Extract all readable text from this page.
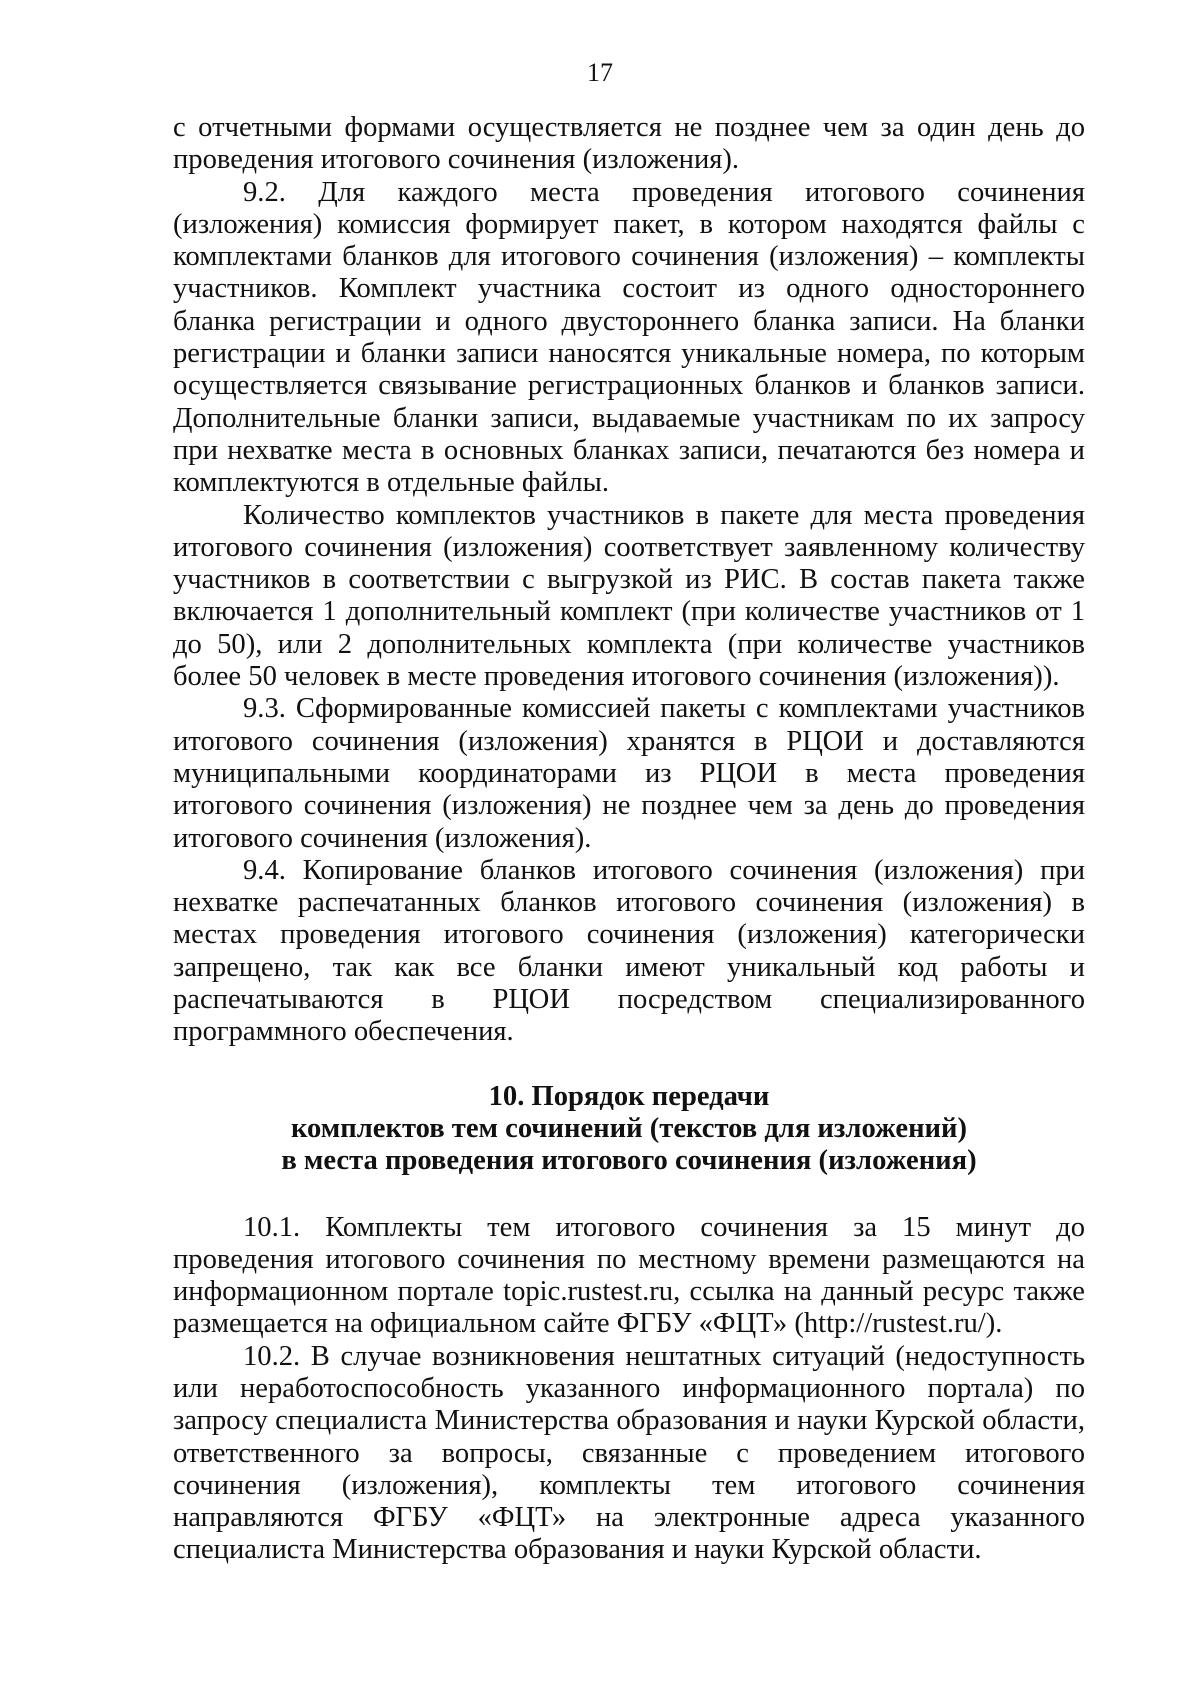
17

с отчетными формами осуществляется не позднее чем за один день до проведения итогового сочинения (изложения).

9.2. Для каждого места проведения итогового сочинения (изложения) комиссия формирует пакет, в котором находятся файлы с комплектами бланков для итогового сочинения (изложения) – комплекты участников. Комплект участника состоит из одного одностороннего бланка регистрации и одного двустороннего бланка записи. На бланки регистрации и бланки записи наносятся уникальные номера, по которым осуществляется связывание регистрационных бланков и бланков записи. Дополнительные бланки записи, выдаваемые участникам по их запросу при нехватке места в основных бланках записи, печатаются без номера и комплектуются в отдельные файлы.

Количество комплектов участников в пакете для места проведения итогового сочинения (изложения) соответствует заявленному количеству участников в соответствии с выгрузкой из РИС. В состав пакета также включается 1 дополнительный комплект (при количестве участников от 1 до 50), или 2 дополнительных комплекта (при количестве участников более 50 человек в месте проведения итогового сочинения (изложения)).

9.3. Сформированные комиссией пакеты с комплектами участников итогового сочинения (изложения) хранятся в РЦОИ и доставляются муниципальными координаторами из РЦОИ в места проведения итогового сочинения (изложения) не позднее чем за день до проведения итогового сочинения (изложения).

9.4. Копирование бланков итогового сочинения (изложения) при нехватке распечатанных бланков итогового сочинения (изложения) в местах проведения итогового сочинения (изложения) категорически запрещено, так как все бланки имеют уникальный код работы и распечатываются в РЦОИ посредством специализированного программного обеспечения.

10. Порядок передачи
комплектов тем сочинений (текстов для изложений)
в места проведения итогового сочинения (изложения)

10.1. Комплекты тем итогового сочинения за 15 минут до проведения итогового сочинения по местному времени размещаются на информационном портале topic.rustest.ru, ссылка на данный ресурс также размещается на официальном сайте ФГБУ «ФЦТ» (http://rustest.ru/).

10.2. В случае возникновения нештатных ситуаций (недоступность или неработоспособность указанного информационного портала) по запросу специалиста Министерства образования и науки Курской области, ответственного за вопросы, связанные с проведением итогового сочинения (изложения), комплекты тем итогового сочинения направляются ФГБУ «ФЦТ» на электронные адреса указанного специалиста Министерства образования и науки Курской области.
